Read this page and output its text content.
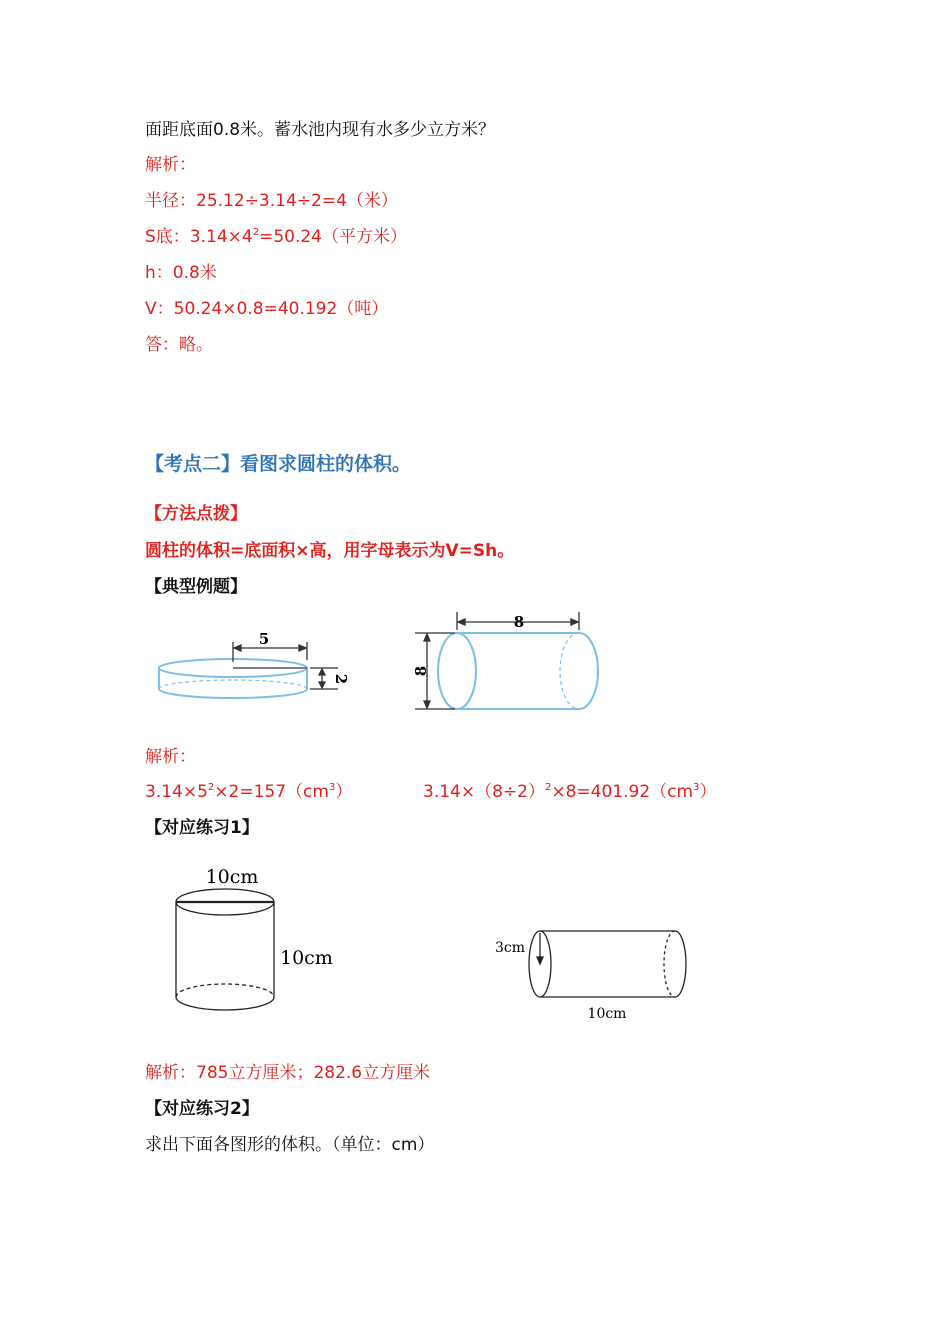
面距底面0.8米。蓄水池内现有水多少立方米？
解析：
半径：25.12÷3.14÷2=4（米）
S底：$3.14\times 4^2=50.24$（平方米）
h：0.8米
V：50.24×0.8=40.192（吨）
答：略。
【考点二】看图求圆柱的体积。
【方法点拨】
圆柱的体积=底面积×高，用字母表示为V=Sh。
【典型例题】
5
2
8
8
解析：
$3.14\times 5^2\times 2=157(cm^3)$	$3.14\times(8\div 2)^2\times 8=401.92(cm^3)$
【对应练习1】
10cm
10cm	3cm
10cm
解析：785立方厘米；282.6立方厘米
【对应练习2】
求出下面各图形的体积。（单位：cm）
